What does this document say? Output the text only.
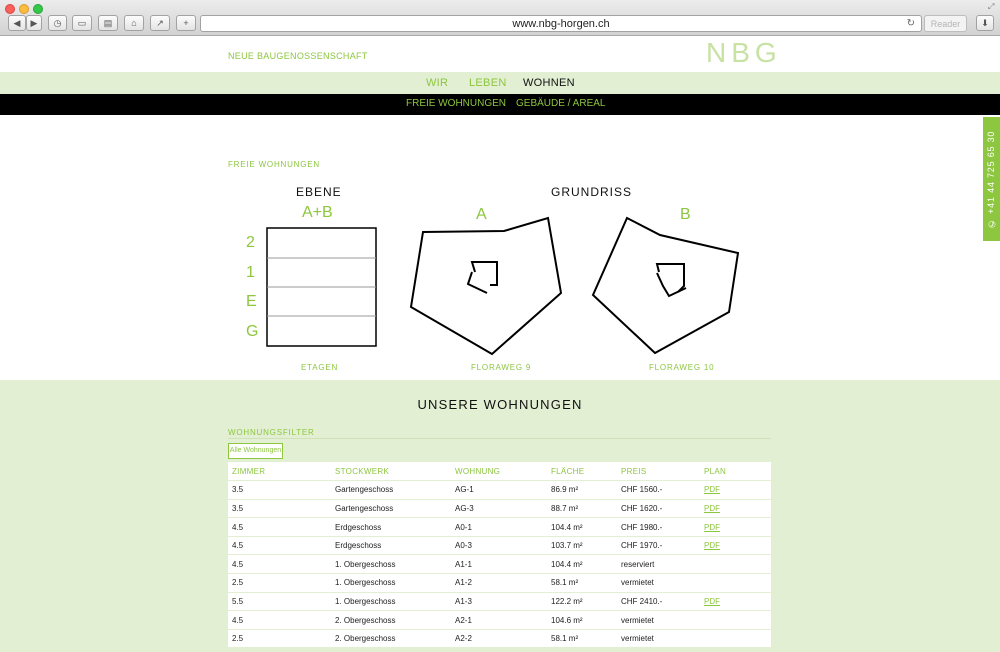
⤢
◀	▶	◷	▭	▤	⌂	↗	+	www.nbg-horgen.ch	↻	Reader	⬇
NEUE BAUGENOSSENSCHAFT	NBG
WIR LEBEN WOHNEN
FREIE WOHNUNGEN GEBÄUDE / AREAL
✆ +41 44 725 65 30
FREIE WOHNUNGEN
EBENE
A+B
2
1
E
G
ETAGEN
GRUNDRISS
A	B
FLORAWEG 9	FLORAWEG 10
UNSERE WOHNUNGEN
WOHNUNGSFILTER
Alle Wohnungen
ZIMMER	STOCKWERK	WOHNUNG	FLÄCHE	PREIS	PLAN
3.5	Gartengeschoss	AG-1	86.9 m²	CHF 1560.-	PDF
3.5	Gartengeschoss	AG-3	88.7 m²	CHF 1620.-	PDF
4.5	Erdgeschoss	A0-1	104.4 m²	CHF 1980.-	PDF
4.5	Erdgeschoss	A0-3	103.7 m²	CHF 1970.-	PDF
4.5	1. Obergeschoss	A1-1	104.4 m²	reserviert	
2.5	1. Obergeschoss	A1-2	58.1 m²	vermietet	
5.5	1. Obergeschoss	A1-3	122.2 m²	CHF 2410.-	PDF
4.5	2. Obergeschoss	A2-1	104.6 m²	vermietet	
2.5	2. Obergeschoss	A2-2	58.1 m²	vermietet	
